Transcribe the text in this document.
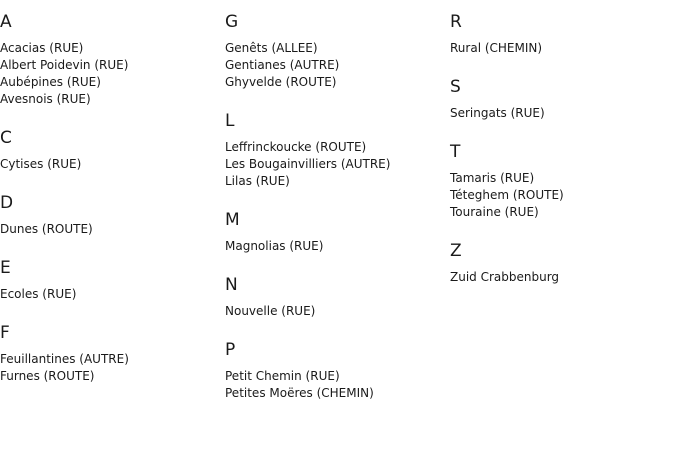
A
Acacias (RUE)
Albert Poidevin (RUE)
Aubépines (RUE)
Avesnois (RUE)
C
Cytises (RUE)
D
Dunes (ROUTE)
E
Ecoles (RUE)
F
Feuillantines (AUTRE)
Furnes (ROUTE)
G
Genêts (ALLEE)
Gentianes (AUTRE)
Ghyvelde (ROUTE)
L
Leffrinckoucke (ROUTE)
Les Bougainvilliers (AUTRE)
Lilas (RUE)
M
Magnolias (RUE)
N
Nouvelle (RUE)
P
Petit Chemin (RUE)
Petites Moëres (CHEMIN)
R
Rural (CHEMIN)
S
Seringats (RUE)
T
Tamaris (RUE)
Téteghem (ROUTE)
Touraine (RUE)
Z
Zuid Crabbenburg
